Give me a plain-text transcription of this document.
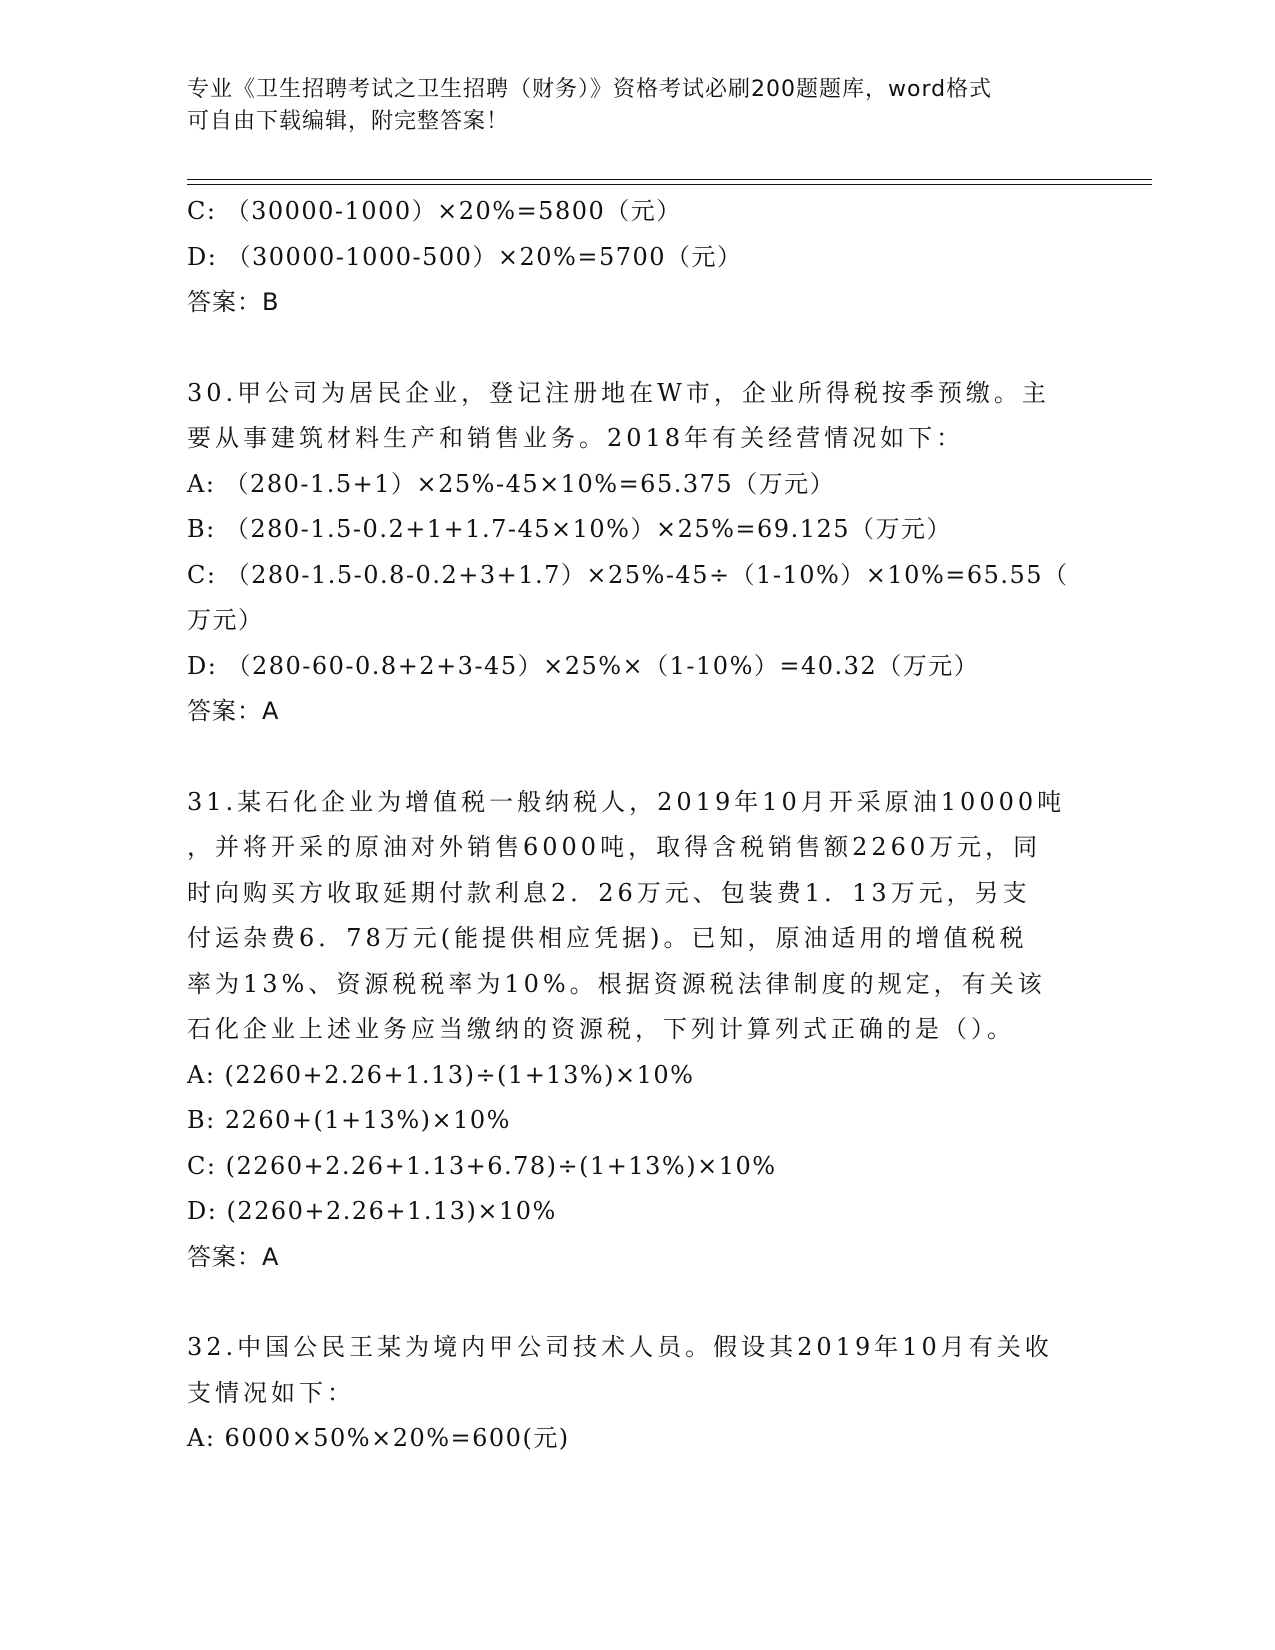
专业《卫生招聘考试之卫生招聘（财务）》资格考试必刷200题题库，word格式
可自由下载编辑，附完整答案！
C: （30000-1000）×20%=5800（元）
D: （30000-1000-500）×20%=5700（元）
答案：B
30.甲公司为居民企业，登记注册地在W市，企业所得税按季预缴。主
要从事建筑材料生产和销售业务。2018年有关经营情况如下：
A: （280-1.5+1）×25%-45×10%=65.375（万元）
B: （280-1.5-0.2+1+1.7-45×10%）×25%=69.125（万元）
C: （280-1.5-0.8-0.2+3+1.7）×25%-45÷（1-10%）×10%=65.55（
万元）
D: （280-60-0.8+2+3-45）×25%×（1-10%）=40.32（万元）
答案：A
31.某石化企业为增值税一般纳税人，2019年10月开采原油10000吨
，并将开采的原油对外销售6000吨，取得含税销售额2260万元，同
时向购买方收取延期付款利息2．26万元、包装费1．13万元，另支
付运杂费6．78万元(能提供相应凭据)。已知，原油适用的增值税税
率为13%、资源税税率为10%。根据资源税法律制度的规定，有关该
石化企业上述业务应当缴纳的资源税，下列计算列式正确的是（）。
A: (2260+2.26+1.13)÷(1+13%)×10%
B: 2260+(1+13%)×10%
C: (2260+2.26+1.13+6.78)÷(1+13%)×10%
D: (2260+2.26+1.13)×10%
答案：A
32.中国公民王某为境内甲公司技术人员。假设其2019年10月有关收
支情况如下：
A: 6000×50%×20%=600(元)
